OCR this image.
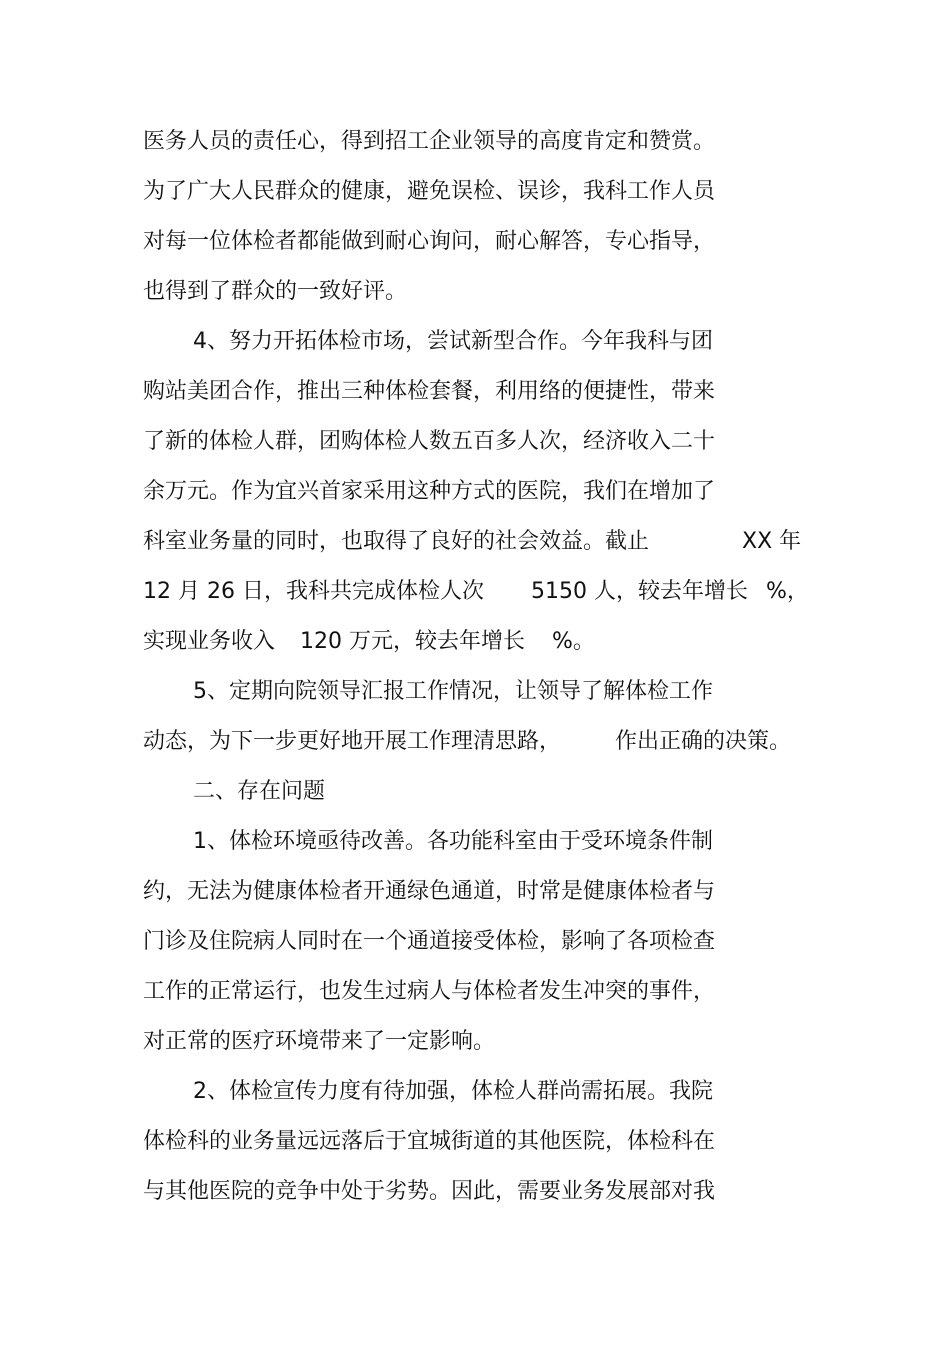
医务人员的责任心，得到招工企业领导的高度肯定和赞赏。

为了广大人民群众的健康，避免误检、误诊，我科工作人员

对每一位体检者都能做到耐心询问，耐心解答，专心指导，

也得到了群众的一致好评。

4、努力开拓体检市场，尝试新型合作。今年我科与团

购站美团合作，推出三种体检套餐，利用络的便捷性，带来

了新的体检人群，团购体检人数五百多人次，经济收入二十

余万元。作为宜兴首家采用这种方式的医院，我们在增加了

科室业务量的同时，也取得了良好的社会效益。截止	XX 年

12 月 26 日，我科共完成体检人次 5150 人，较去年增长 %，

实现业务收入 120 万元，较去年增长 %。

5、定期向院领导汇报工作情况，让领导了解体检工作

动态，为下一步更好地开展工作理清思路， 作出正确的决策。

二、存在问题

1、体检环境亟待改善。各功能科室由于受环境条件制

约，无法为健康体检者开通绿色通道，时常是健康体检者与

门诊及住院病人同时在一个通道接受体检，影响了各项检查

工作的正常运行，也发生过病人与体检者发生冲突的事件，

对正常的医疗环境带来了一定影响。

2、体检宣传力度有待加强，体检人群尚需拓展。我院

体检科的业务量远远落后于宜城街道的其他医院，体检科在

与其他医院的竞争中处于劣势。因此，需要业务发展部对我
